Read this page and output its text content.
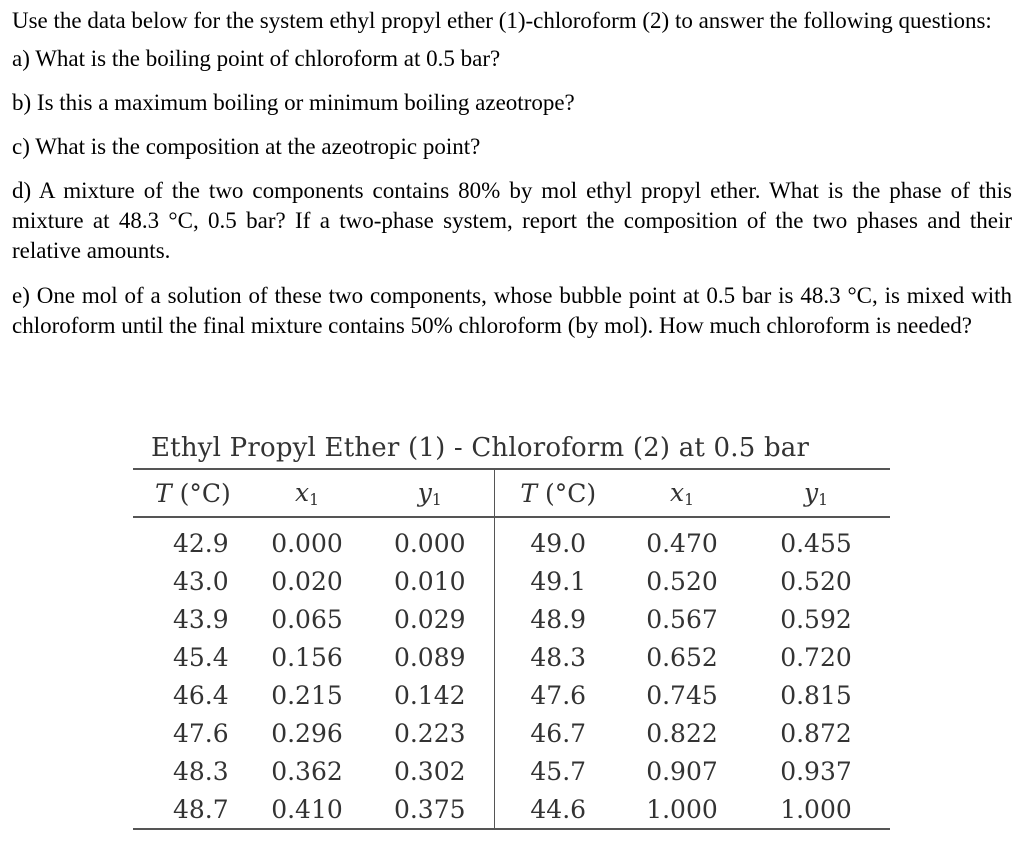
Use the data below for the system ethyl propyl ether (1)-chloroform (2) to answer the following questions:

a) What is the boiling point of chloroform at 0.5 bar?

b) Is this a maximum boiling or minimum boiling azeotrope?

c) What is the composition at the azeotropic point?

d) A mixture of the two components contains 80% by mol ethyl propyl ether. What is the phase of this mixture at 48.3 °C, 0.5 bar? If a two-phase system, report the composition of the two phases and their relative amounts.

e) One mol of a solution of these two components, whose bubble point at 0.5 bar is 48.3 °C, is mixed with chloroform until the final mixture contains 50% chloroform (by mol). How much chloroform is needed?

Ethyl Propyl Ether (1) - Chloroform (2) at 0.5 bar
T (°C)	$x_1$	$y_1$	T (°C)	$x_1$	$y_1$
42.9	0.000	0.000	49.0	0.470	0.455
43.0	0.020	0.010	49.1	0.520	0.520
43.9	0.065	0.029	48.9	0.567	0.592
45.4	0.156	0.089	48.3	0.652	0.720
46.4	0.215	0.142	47.6	0.745	0.815
47.6	0.296	0.223	46.7	0.822	0.872
48.3	0.362	0.302	45.7	0.907	0.937
48.7	0.410	0.375	44.6	1.000	1.000
